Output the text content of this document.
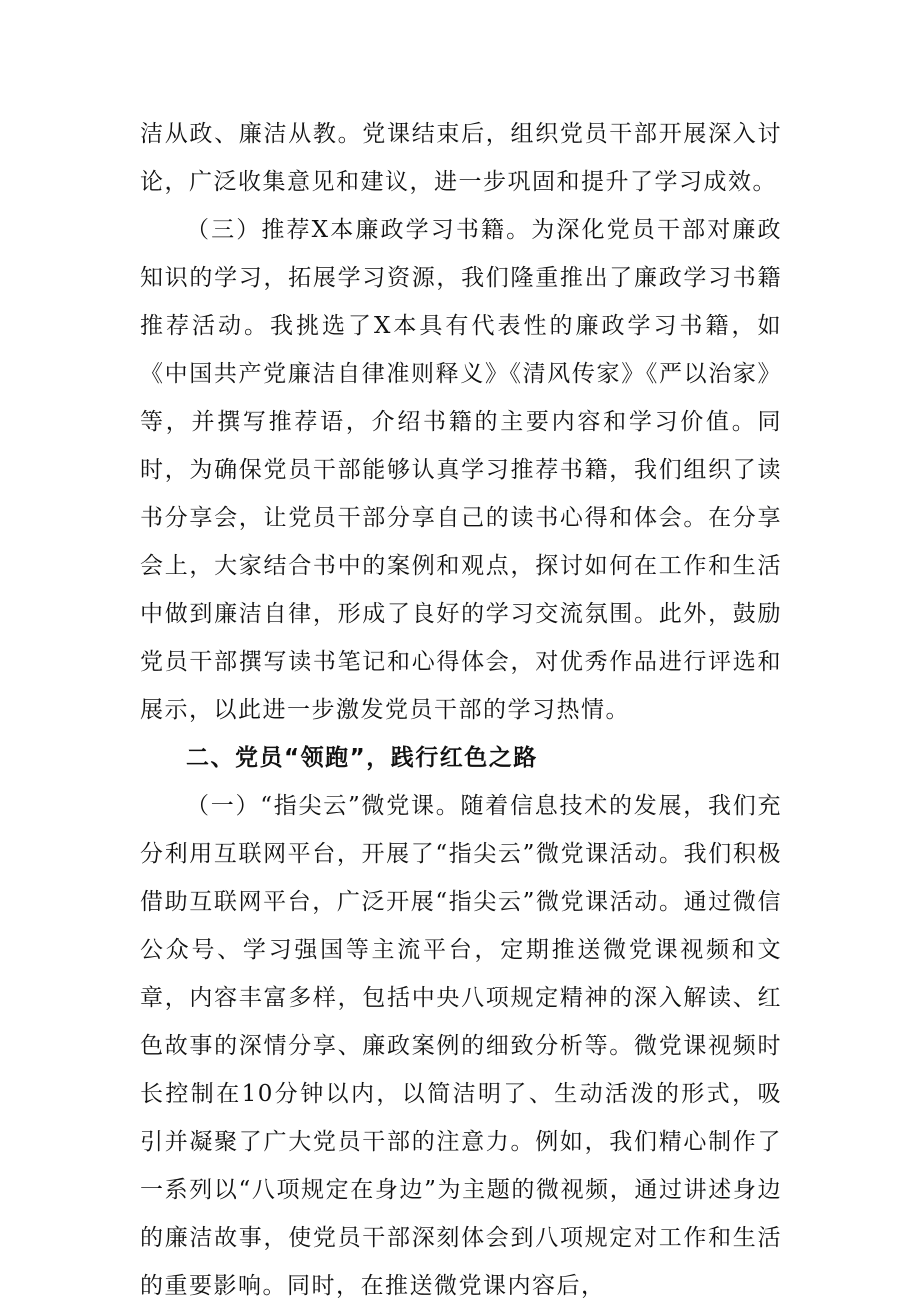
洁从政、廉洁从教。党课结束后，组织党员干部开展深入讨论，广泛收集意见和建议，进一步巩固和提升了学习成效。

（三）推荐X本廉政学习书籍。为深化党员干部对廉政知识的学习，拓展学习资源，我们隆重推出了廉政学习书籍推荐活动。我挑选了X本具有代表性的廉政学习书籍，如《中国共产党廉洁自律准则释义》《清风传家》《严以治家》等，并撰写推荐语，介绍书籍的主要内容和学习价值。同时，为确保党员干部能够认真学习推荐书籍，我们组织了读书分享会，让党员干部分享自己的读书心得和体会。在分享会上，大家结合书中的案例和观点，探讨如何在工作和生活中做到廉洁自律，形成了良好的学习交流氛围。此外，鼓励党员干部撰写读书笔记和心得体会，对优秀作品进行评选和展示，以此进一步激发党员干部的学习热情。

二、党员“领跑”，践行红色之路

（一）“指尖云”微党课。随着信息技术的发展，我们充分利用互联网平台，开展了“指尖云”微党课活动。我们积极借助互联网平台，广泛开展“指尖云”微党课活动。通过微信公众号、学习强国等主流平台，定期推送微党课视频和文章，内容丰富多样，包括中央八项规定精神的深入解读、红色故事的深情分享、廉政案例的细致分析等。微党课视频时长控制在10分钟以内，以简洁明了、生动活泼的形式，吸引并凝聚了广大党员干部的注意力。例如，我们精心制作了一系列以“八项规定在身边”为主题的微视频，通过讲述身边的廉洁故事，使党员干部深刻体会到八项规定对工作和生活的重要影响。同时，在推送微党课内容后，
